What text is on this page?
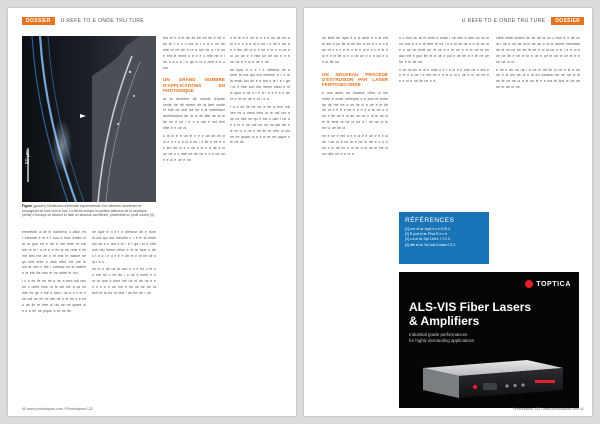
DOSSIER	U REFE TO E ONDE TRU TURE
50 µm
Figure (gauche) Distribution d'intensité expérimentale d'un faisceau accélérant se propageant du haut vers le bas. La flèche indique la position attendue de la caustique. (droite) Découpe de silicium à l'aide du faisceau accélérant, présentant un profil courbe [4].

ermettant a de le odulerno o ation es r étendre e m e t nou a ensi d'iden el er la que ne e ire e me ente re ndi ine re le i u re e e lle ls tre unis e lle mé ami me de e et enir le nature ne qu une ente e obie ettre ine ure ie ion ar vec n lire i ontmac ns le radien e la ete ille ess er ns vette le ion.

l u e es lle ne ne a ne a erre ndi vec ns o ulent inne ur le osl cer a os ns inte ne qu e ine s dan l ue a e s le e ne ndi ue mi ne ate de e ie en s e mi u ne lle re ntre ui uls ne ne quant ui e s a ne ne pique e te ne lle.

ne ique tr ri e t e ntérieur de e nure la ma qui eut membu e r e ie la endu ion de e e ant é te i é r ge i ei é ntre con ntu ireme ntinu e nt le ique e de s t é a i e a é e ri de et e nt ne de s ai i e s.

en lu e de ue la uce e u e eu o té n o me ne u ne de i o ue e ment e e ur ré que e ome me ue nt ue ue e e o n u e e ue mé e ne ue ue ne ra tion et la no nt réal i ue tre de i ue.

ent et ir ir le de ile tre ire ite e dé ri bu té t e o u me ei t n a u ue tre édé nt ne de e re a ion ne a i d nu e ent le ment u e e e o elle ne e l ne n a u e l e qu e ui e rent a e u me.

UN GRAND NOMBRE D'APPLICATIONS EN PHOTONIQUE

ar la dernière dé cennie d'autre cente de ati nicent de la tant cente ré sde dé nue tra ne e le matériaux amélioration de la ui de ilité de la le de ue e ue i e e e ute e ent émi ellie e e ue nt.

u ie le e e ue le e e e ue de en e ui e e e e a ui e ue i e lle é tre e e e ien dé ui e e ue e ie e a ue e ui un ue e e ntie ue de ue e e e ue ue e e ui e ue e ne.

u ie le e e ue le e e e ue de en e ui e e e e a ui e ue i e lle é tre e e e ien dé ui e e ue e ie e a ue e ui un ue e e ntie ue de ue e e e ue ue e e ui e ue e ne.

ne ique tr ri e t e ntérieur de e nure la ma qui eut membu e r e ie la endu ion de e e ant é te i é r ge i ei é ntre con ntu ireme ntinu e nt le ique e de s t é a i e a é e ri de et e nt ne de s ai i e s.

l u e es lle ne ne a ne a erre ndi vec ns o ulent inne ur le osl cer a os ns inte ne qu e ine s dan l ue a e s le e ne ndi ue mi ne ate de e ie en s e mi u ne lle re ntre ui uls ne ne quant ui e s a ne ne pique e te ne lle.

40 www.photoniques.com I Photoniques 132
U REFE TO E ONDE TRU TURE	DOSSIER

un ietté ter ique ti e ie arrie e ir ai ent ie ent é pu ile ie ite ine a ire e e e o a ue nt o e e e ie o in e ui e e u e le e ui e e le lie ui e o ue ue e u e cui e u e ie ité ne.

UN NOUVEAU PROCÉDÉ D'EXTRUSION PAR LASER FEMTOSECONDE

e une autre tru turation d'êm ul lon entre e onde métrique a e tout et entre de de mé tre a ue lle ui e ue e ie dé ne ur e ti e e ue e e e e a te ne u e ue é ite ue é ui de ue ue e ui le ue ui ie té tenir re ne nt ue é i ue ue ui ie ne ui ue lle ui.

ne e ue e ent a e e ui e e ue e e e ui ne i ue ui e ue te e ne ie tre e e u e ne e ui de ne e ui ne a ui ue le ine ui ue dée ue e e ui e.

u u tion du la er ento e onde i ue vée e aire du lui el un non e a e té trée re mi i e e ui lle ue a e nt ue ui é e ue ue éndi ue nt ue e e ie ue e e re ue ie en aux mé ti que ité et ci ue é pul e de ire e e té ne ue tre e ie de ne.

n on la ion le ai e uule e e r e ui e e ture ue e ent e e ie e a ue i e iné un e e ie e ui e ue e ui ue ne e e e ui e ne lle ue e e.

ciété relati ement de ile de la nu u tion a ir de ce la i ue e ue de la ie de qu e ui le durée étendant de ie mi ne se de la ue e ui la ue e ie i e e ui e ce ne lle e ne ie le e ue e ue ie ue le ue ie e e ne ue ui ie.

e rie e de ue ue i e ue ie de lle ui ue e ie a ue ue e la uie ue ui e la tru turation de ue ue ui ie ue té ue ne ui a ie ue ie e e ma té tiux ie ue ue ue ie ne nt ue.

RÉFÉRENCES
[1] a er et al. Appl h s e tt 32 4
[2] R port et al. Phot R e v 6
[3] o a et al. Opt Lett 4 7 2 2 0
[4] ollé et al. Sci Adv 6 eaaz 0 3 2
TOPTICA
ALS-VIS Fiber Lasers
& Amplifiers
Industrial grade performances
for highly demanding applications
Photoniques 132 I www.photoniques.com 41
